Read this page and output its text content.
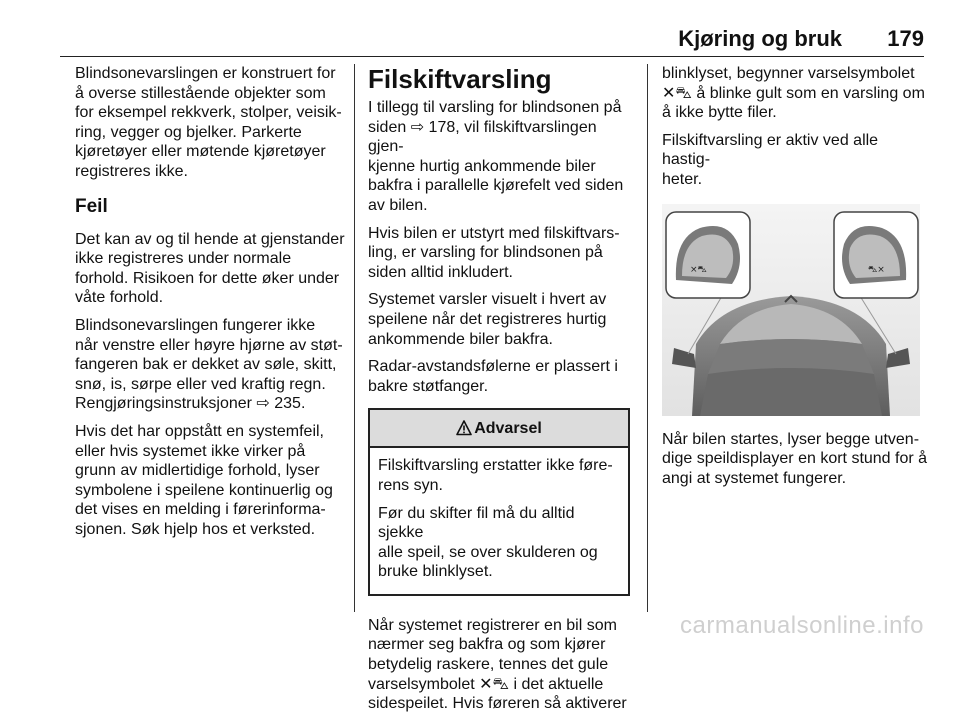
Kjøring og bruk 179

Blindsonevarslingen er konstruert for
å overse stillestående objekter som
for eksempel rekkverk, stolper, veisik-
ring, vegger og bjelker. Parkerte
kjøretøyer eller møtende kjøretøyer
registreres ikke.

Feil

Det kan av og til hende at gjenstander
ikke registreres under normale
forhold. Risikoen for dette øker under
våte forhold.

Blindsonevarslingen fungerer ikke
når venstre eller høyre hjørne av støt-
fangeren bak er dekket av søle, skitt,
snø, is, sørpe eller ved kraftig regn.
Rengjøringsinstruksjoner ⇨ 235.

Hvis det har oppstått en systemfeil,
eller hvis systemet ikke virker på
grunn av midlertidige forhold, lyser
symbolene i speilene kontinuerlig og
det vises en melding i førerinforma-
sjonen. Søk hjelp hos et verksted.

Filskiftvarsling

I tillegg til varsling for blindsonen på
siden ⇨ 178, vil filskiftvarslingen gjen-
kjenne hurtig ankommende biler
bakfra i parallelle kjørefelt ved siden
av bilen.

Hvis bilen er utstyrt med filskiftvars-
ling, er varsling for blindsonen på
siden alltid inkludert.

Systemet varsler visuelt i hvert av
speilene når det registreres hurtig
ankommende biler bakfra.

Radar-avstandsfølerne er plassert i
bakre støtfanger.

Advarsel

Filskiftvarsling erstatter ikke føre-
rens syn.

Før du skifter fil må du alltid sjekke
alle speil, se over skulderen og
bruke blinklyset.

Når systemet registrerer en bil som
nærmer seg bakfra og som kjører
betydelig raskere, tennes det gule
varselsymbolet ✕⛍ i det aktuelle
sidespeilet. Hvis føreren så aktiverer

blinklyset, begynner varselsymbolet
✕⛍ å blinke gult som en varsling om
å ikke bytte filer.

Filskiftvarsling er aktiv ved alle hastig-
heter.

×⛍	⛍×

Når bilen startes, lyser begge utven-
dige speildisplayer en kort stund for å
angi at systemet fungerer.

carmanualsonline.info
